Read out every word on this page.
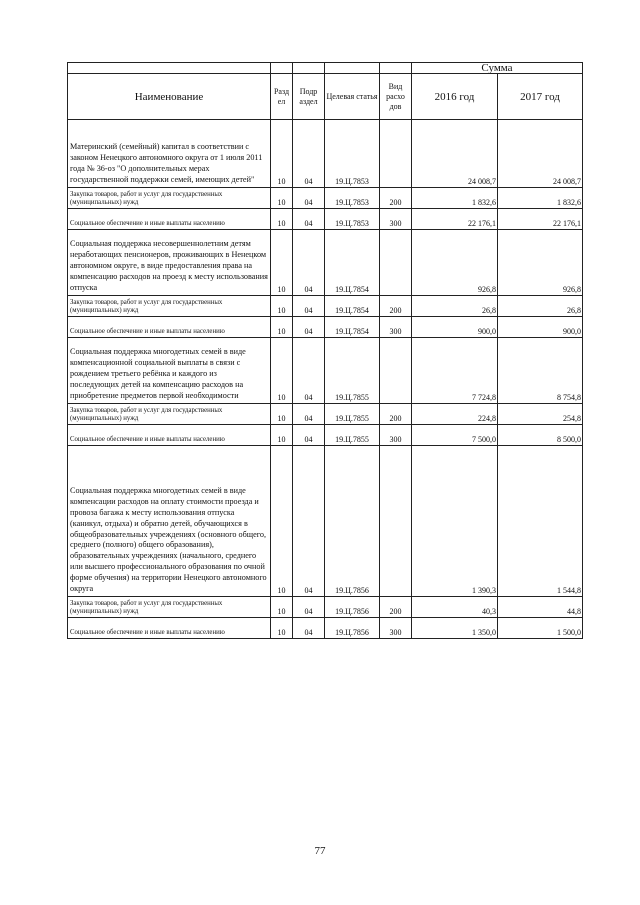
					Сумма	
Наименование	Разд ел	Подр аздел	Целевая статья	Вид расхо дов	2016 год	2017 год
Материнский (семейный) капитал в соответствии с законом Ненецкого автономного округа от 1 июля 2011 года № 36-оз "О дополнительных мерах государственной поддержки семей, имеющих детей"	10	04	19.Ц.7853		24 008,7	24 008,7
Закупка товаров, работ и услуг для государственных (муниципальных) нужд	10	04	19.Ц.7853	200	1 832,6	1 832,6
Социальное обеспечение и иные выплаты населению	10	04	19.Ц.7853	300	22 176,1	22 176,1
Социальная поддержка несовершеннолетним детям неработающих пенсионеров, проживающих в Ненецком автономном округе, в виде предоставления права на компенсацию расходов на проезд к месту использования отпуска	10	04	19.Ц.7854		926,8	926,8
Закупка товаров, работ и услуг для государственных (муниципальных) нужд	10	04	19.Ц.7854	200	26,8	26,8
Социальное обеспечение и иные выплаты населению	10	04	19.Ц.7854	300	900,0	900,0
Социальная поддержка многодетных семей в виде компенсационной социальной выплаты в связи с рождением третьего ребёнка и каждого из последующих детей на компенсацию расходов на приобретение предметов первой необходимости	10	04	19.Ц.7855		7 724,8	8 754,8
Закупка товаров, работ и услуг для государственных (муниципальных) нужд	10	04	19.Ц.7855	200	224,8	254,8
Социальное обеспечение и иные выплаты населению	10	04	19.Ц.7855	300	7 500,0	8 500,0
Социальная поддержка многодетных семей в виде компенсации расходов на оплату стоимости проезда и провоза багажа к месту использования отпуска (каникул, отдыха) и обратно детей, обучающихся в общеобразовательных учреждениях (основного общего, среднего (полного) общего образования), образовательных учреждениях (начального, среднего или высшего профессионального образования по очной форме обучения) на территории Ненецкого автономного округа	10	04	19.Ц.7856		1 390,3	1 544,8
Закупка товаров, работ и услуг для государственных (муниципальных) нужд	10	04	19.Ц.7856	200	40,3	44,8
Социальное обеспечение и иные выплаты населению	10	04	19.Ц.7856	300	1 350,0	1 500,0
77
